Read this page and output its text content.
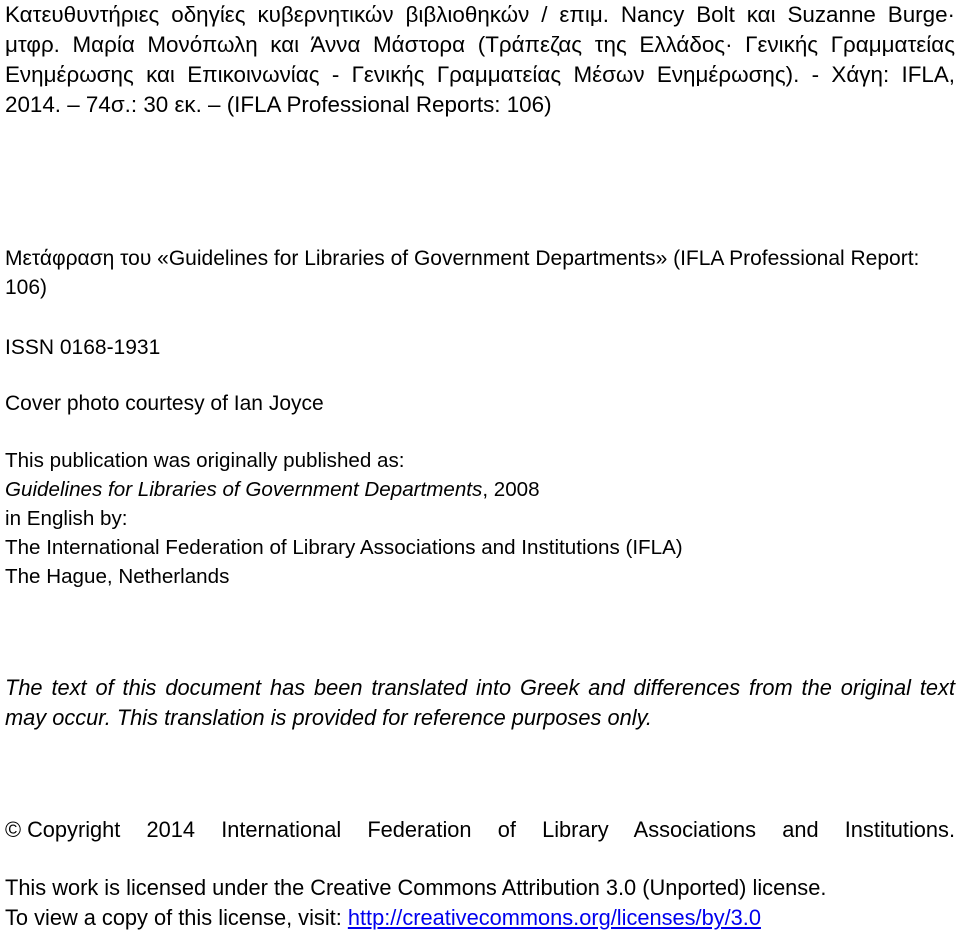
Κατευθυντήριες οδηγίες κυβερνητικών βιβλιοθηκών / επιμ. Nancy Bolt και Suzanne Burge· μτφρ. Μαρία Μονόπωλη και Άννα Μάστορα (Τράπεζας της Ελλάδος· Γενικής Γραμματείας Ενημέρωσης και Επικοινωνίας - Γενικής Γραμματείας Μέσων Ενημέρωσης). - Χάγη: IFLA, 2014. – 74σ.: 30 εκ. – (IFLA Professional Reports: 106)

Μετάφραση του «Guidelines for Libraries of Government Departments» (IFLA Professional Report: 106)

ISSN 0168-1931

Cover photo courtesy of Ian Joyce

This publication was originally published as:
Guidelines for Libraries of Government Departments, 2008
in English by:
The International Federation of Library Associations and Institutions (IFLA)
The Hague, Netherlands

The text of this document has been translated into Greek and differences from the original text may occur. This translation is provided for reference purposes only.

© Copyright 2014 International Federation of Library Associations and Institutions.

This work is licensed under the Creative Commons Attribution 3.0 (Unported) license.
To view a copy of this license, visit: http://creativecommons.org/licenses/by/3.0
